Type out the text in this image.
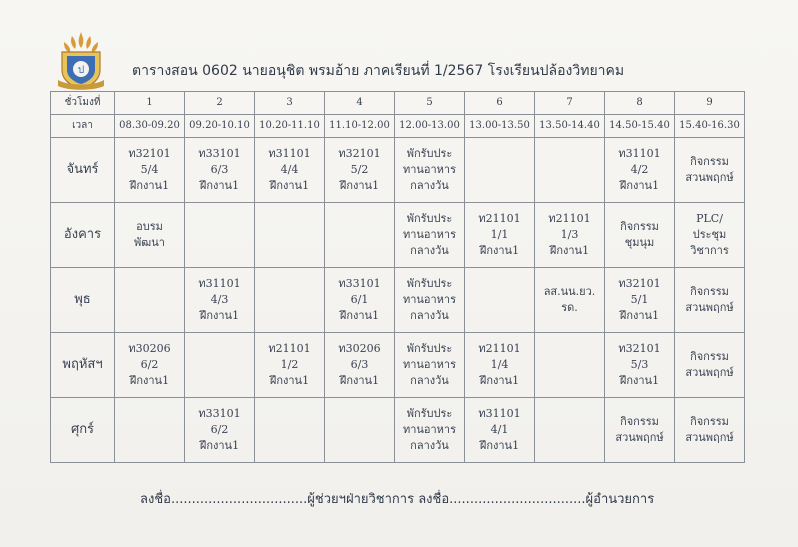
ป	ตารางสอน 0602 นายอนุชิต พรมอ้าย ภาคเรียนที่ 1/2567 โรงเรียนปล้องวิทยาคม
ชั่วโมงที่	1	2	3	4	5	6	7	8	9
เวลา	08.30-09.20	09.20-10.10	10.20-11.10	11.10-12.00	12.00-13.00	13.00-13.50	13.50-14.40	14.50-15.40	15.40-16.30
จันทร์	ท32101
5/4
ฝึกงาน1	ท33101
6/3
ฝึกงาน1	ท31101
4/4
ฝึกงาน1	ท32101
5/2
ฝึกงาน1	พักรับประ
ทานอาหาร
กลางวัน			ท31101
4/2
ฝึกงาน1	กิจกรรม
สวนพฤกษ์

อังคาร	อบรม
พัฒนา				พักรับประ
ทานอาหาร
กลางวัน	ท21101
1/1
ฝึกงาน1	ท21101
1/3
ฝึกงาน1	กิจกรรม
ชุมนุม	PLC/
ประชุม
วิชาการ

พุธ		ท31101
4/3
ฝึกงาน1		ท33101
6/1
ฝึกงาน1	พักรับประ
ทานอาหาร
กลางวัน		ลส.นน.ยว.
รด.	ท32101
5/1
ฝึกงาน1	กิจกรรม
สวนพฤกษ์

พฤหัสฯ	ท30206
6/2
ฝึกงาน1		ท21101
1/2
ฝึกงาน1	ท30206
6/3
ฝึกงาน1	พักรับประ
ทานอาหาร
กลางวัน	ท21101
1/4
ฝึกงาน1		ท32101
5/3
ฝึกงาน1	กิจกรรม
สวนพฤกษ์

ศุกร์		ท33101
6/2
ฝึกงาน1			พักรับประ
ทานอาหาร
กลางวัน	ท31101
4/1
ฝึกงาน1		กิจกรรม
สวนพฤกษ์	กิจกรรม
สวนพฤกษ์
ลงชื่อ.................................ผู้ช่วยฯฝ่ายวิชาการ ลงชื่อ.................................ผู้อำนวยการ
